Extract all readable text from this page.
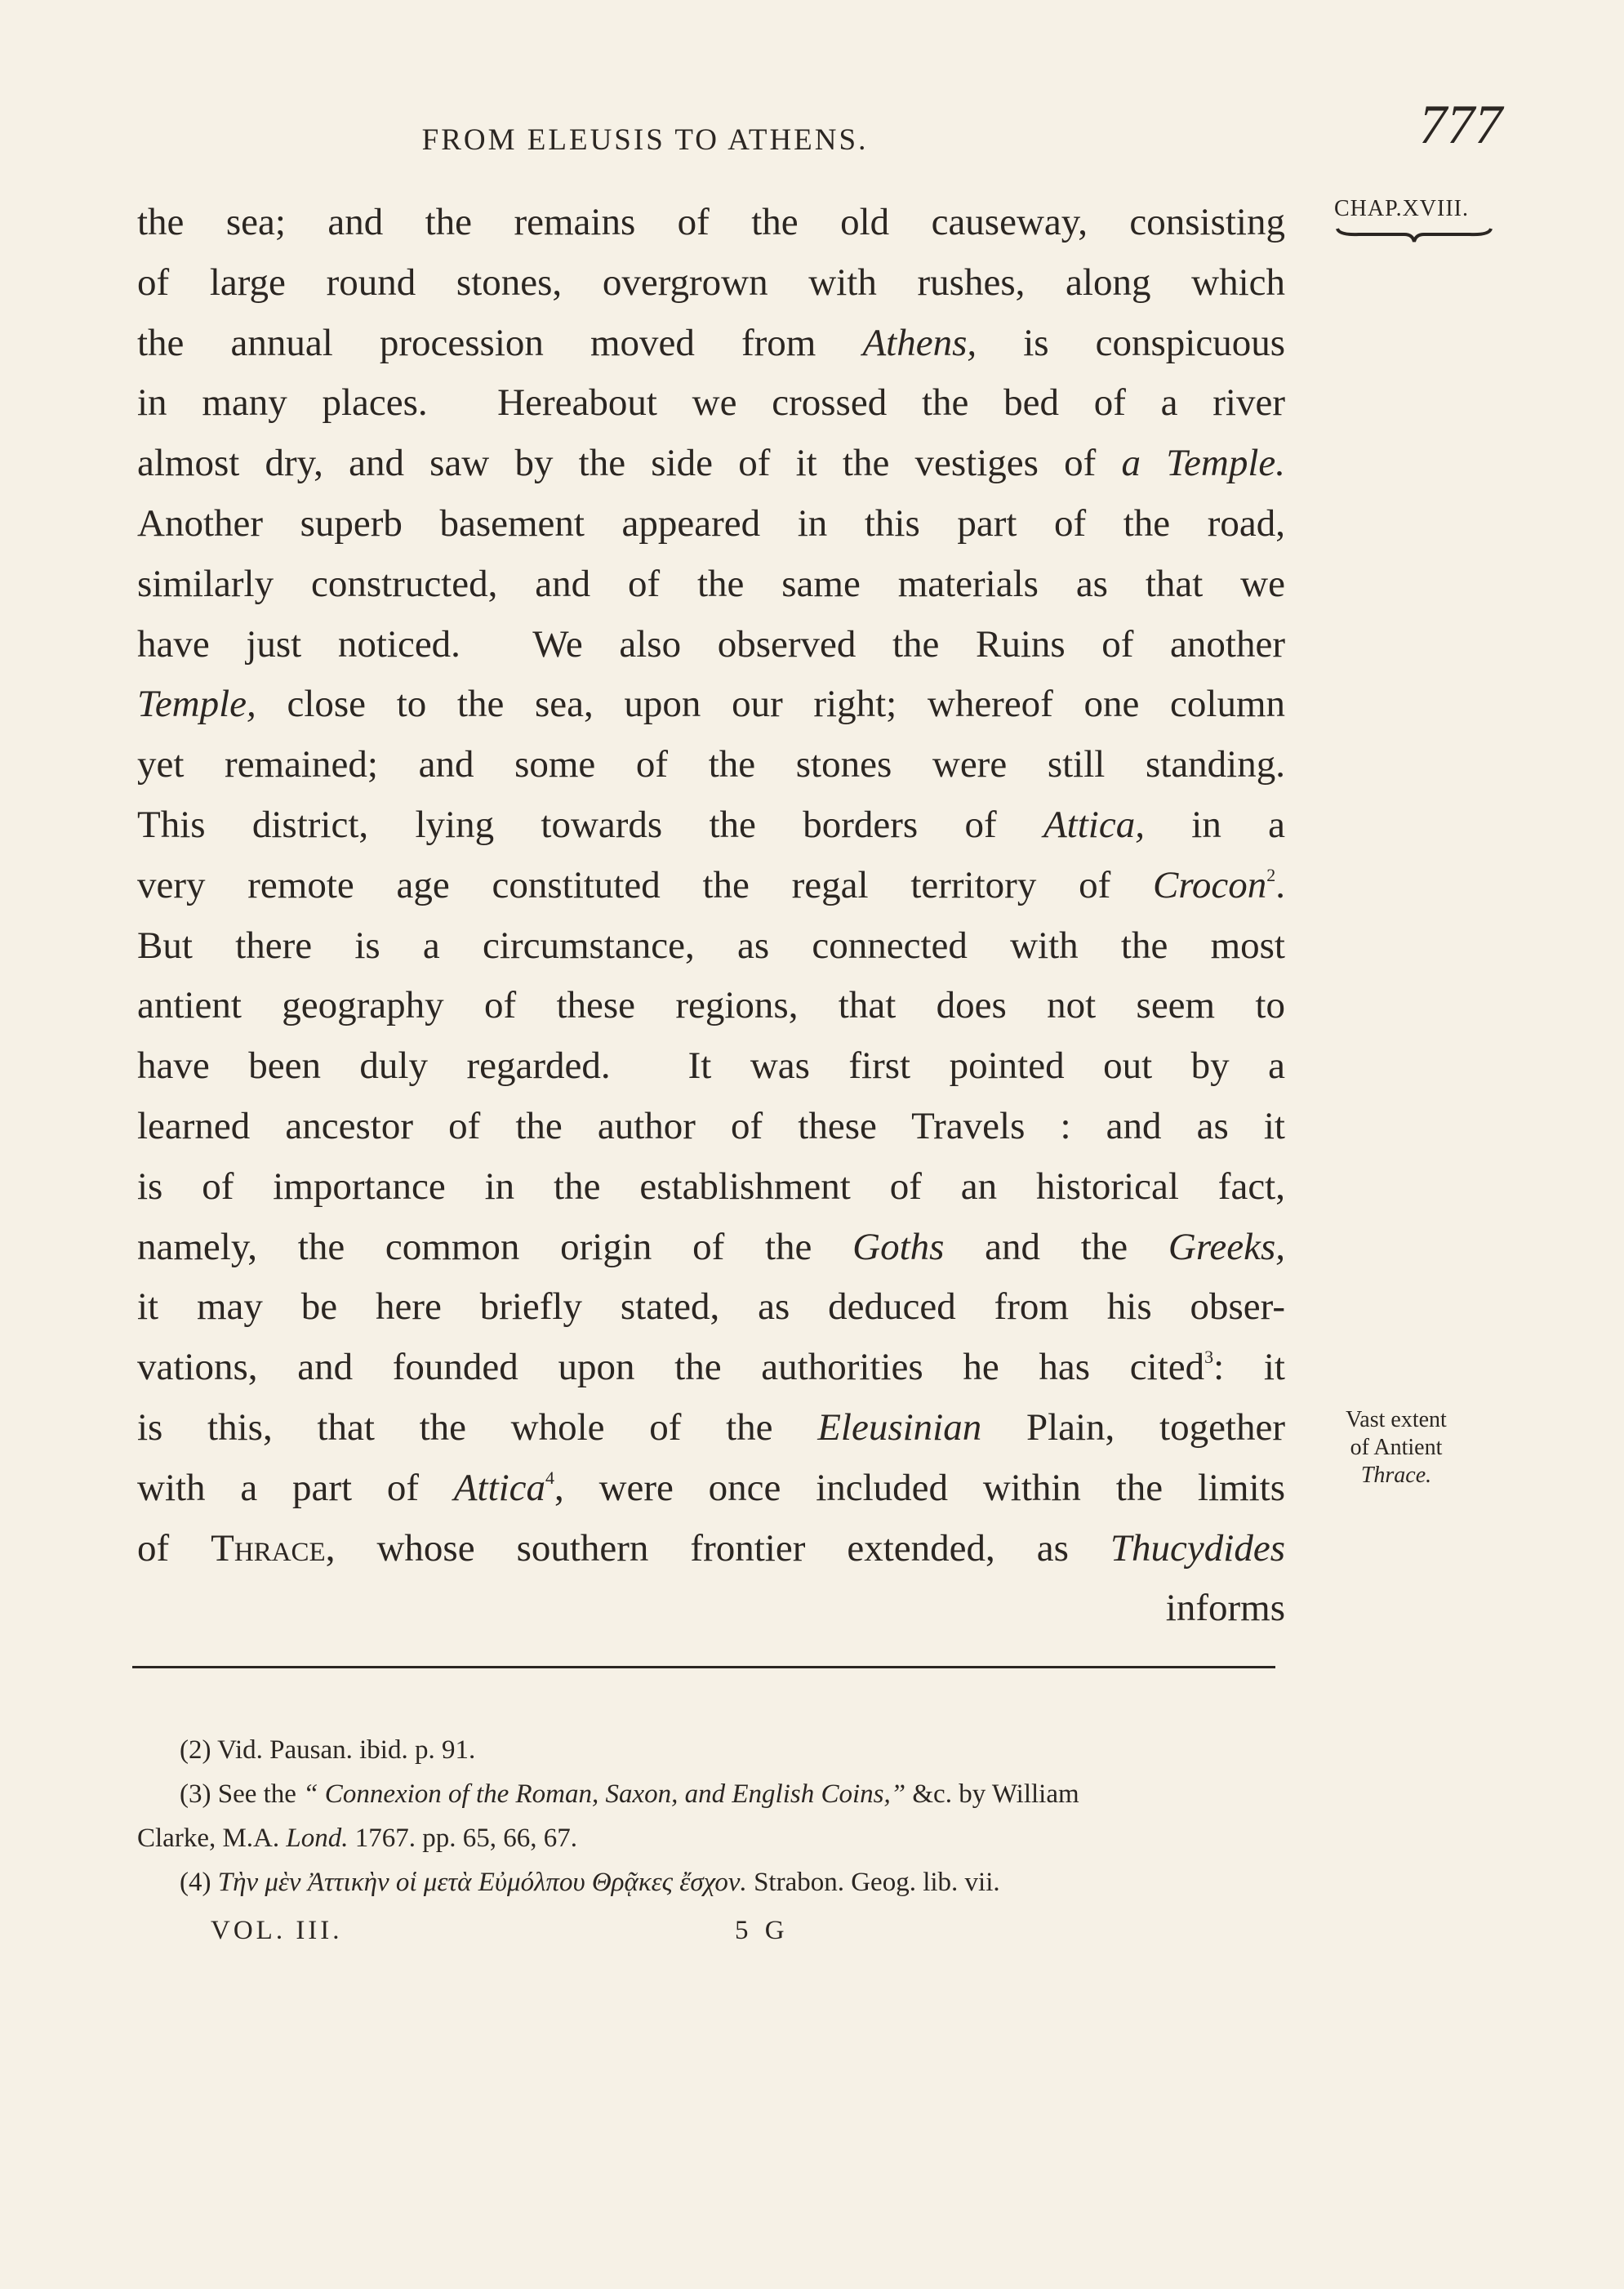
FROM ELEUSIS TO ATHENS.	777
CHAP.XVIII.
the sea; and the remains of the old causeway, consisting
of large round stones, overgrown with rushes, along which
the annual procession moved from Athens, is conspicuous
in many places.  Hereabout we crossed the bed of a river
almost dry, and saw by the side of it the vestiges of a Temple.
Another superb basement appeared in this part of the road,
similarly constructed, and of the same materials as that we
have just noticed.  We also observed the Ruins of another
Temple, close to the sea, upon our right; whereof one column
yet remained; and some of the stones were still standing.
This district, lying towards the borders of Attica, in a
very remote age constituted the regal territory of Crocon$^2$.
But there is a circumstance, as connected with the most
antient geography of these regions, that does not seem to
have been duly regarded.  It was first pointed out by a
learned ancestor of the author of these Travels : and as it
is of importance in the establishment of an historical fact,
namely, the common origin of the Goths and the Greeks,
it may be here briefly stated, as deduced from his obser-
vations, and founded upon the authorities he has cited$^3$: it
is this, that the whole of the Eleusinian Plain, together
with a part of Attica$^4$, were once included within the limits
of Thrace, whose southern frontier extended, as Thucydides
informs
Vast extent
of Antient
Thrace.
(2) Vid. Pausan. ibid. p. 91.
(3) See the “ Connexion of the Roman, Saxon, and English Coins,” &c. by William
Clarke, M.A. Lond. 1767. pp. 65, 66, 67.
(4) Τὴν μὲν Ἀττικὴν οἱ μετὰ Εὐμόλπου Θρᾷκες ἔσχον. Strabon. Geog. lib. vii.
VOL. III.	5 G
